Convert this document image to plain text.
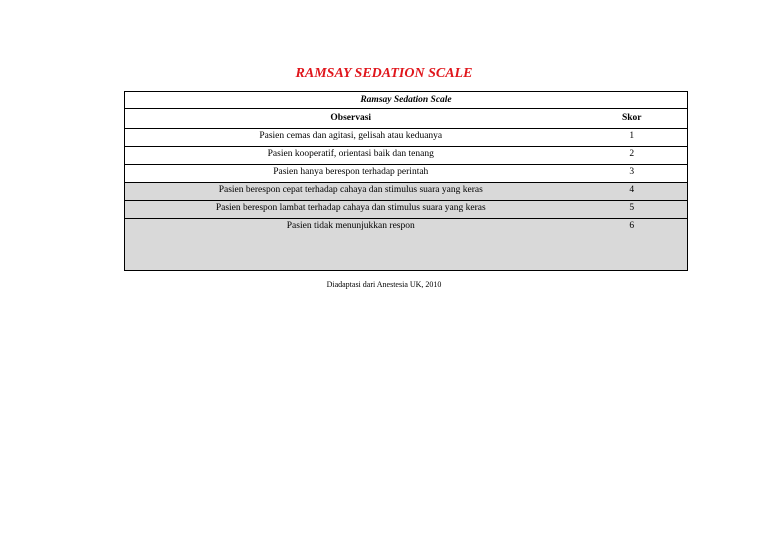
RAMSAY SEDATION SCALE
Ramsay Sedation Scale	
Observasi	Skor
Pasien cemas dan agitasi, gelisah atau keduanya	1
Pasien kooperatif, orientasi baik dan tenang	2
Pasien hanya berespon terhadap perintah	3
Pasien berespon cepat terhadap cahaya dan stimulus suara yang keras	4
Pasien berespon lambat terhadap cahaya dan stimulus suara yang keras	5
Pasien tidak menunjukkan respon	6

Diadaptasi dari Anestesia UK, 2010
